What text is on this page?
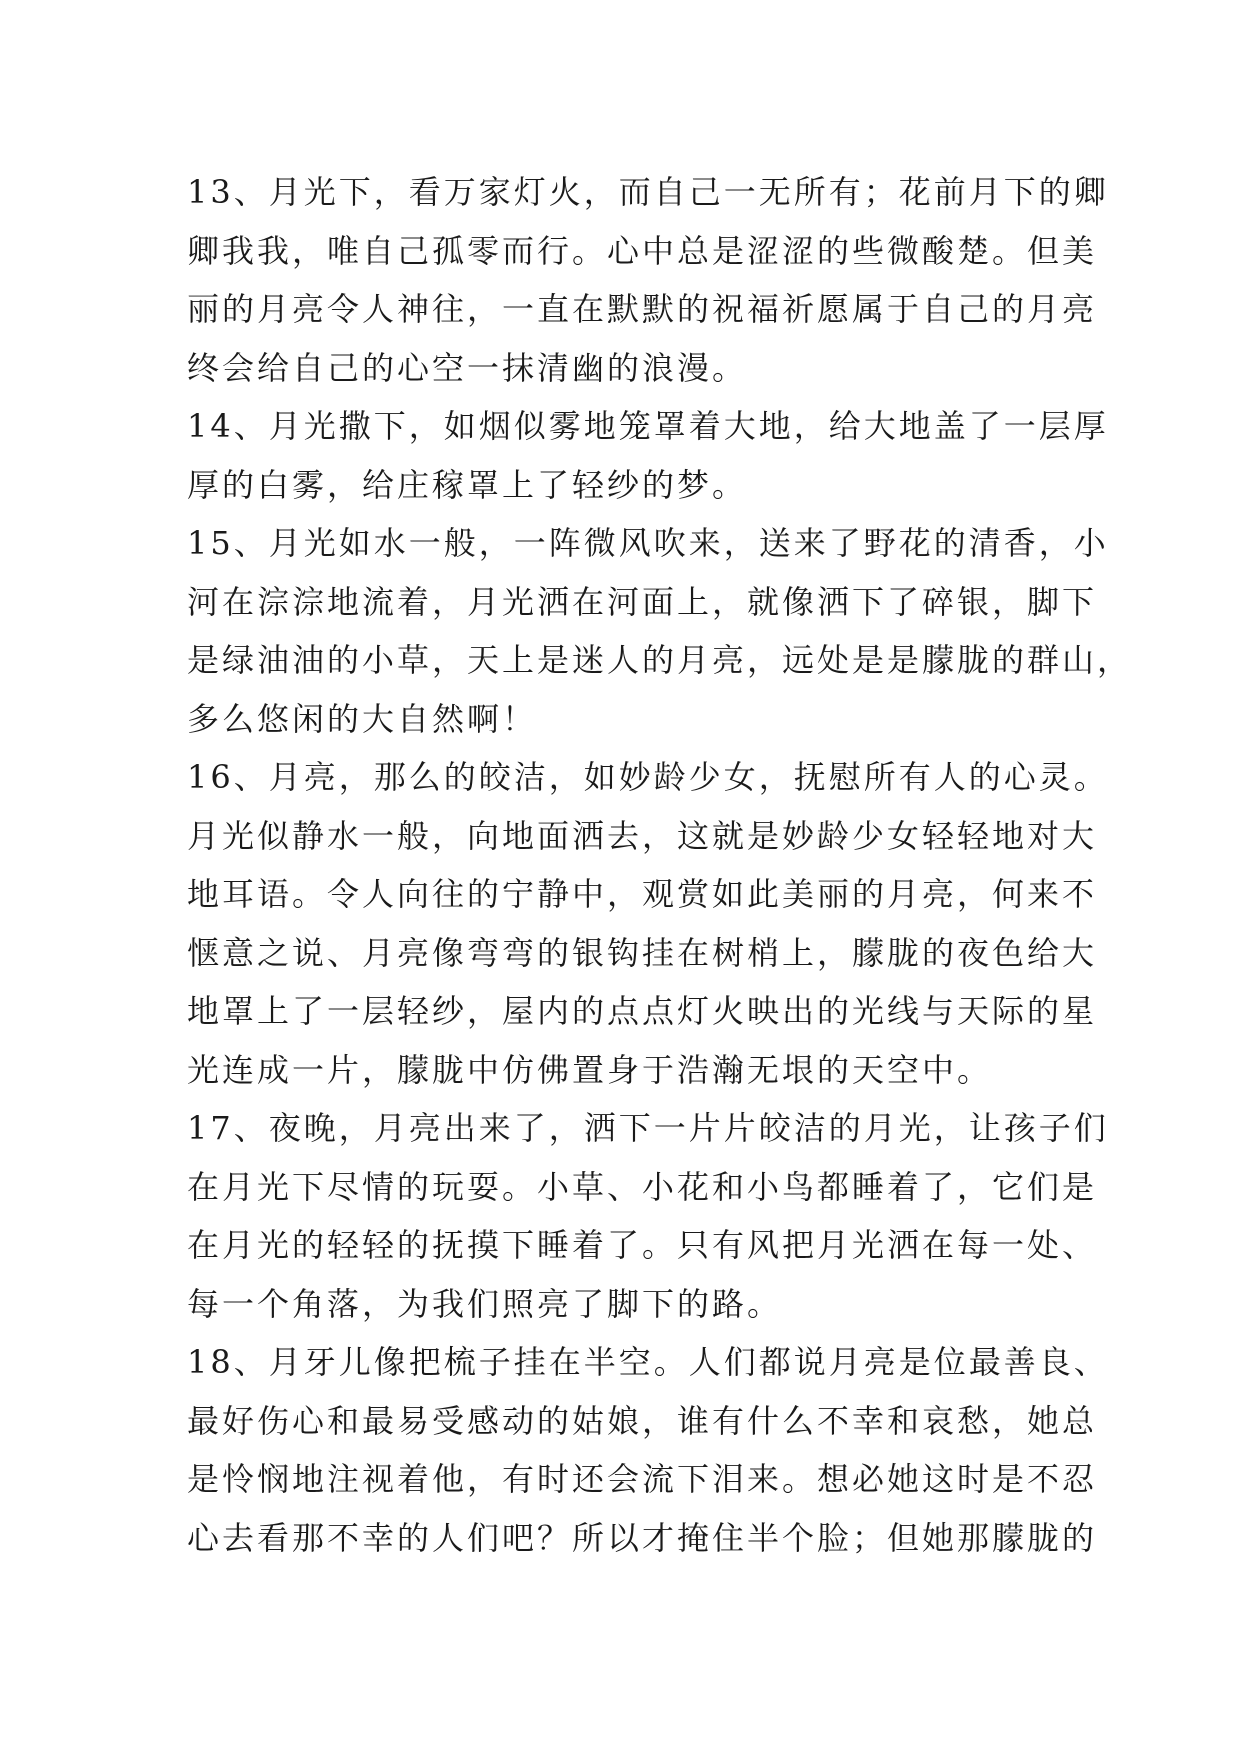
13、月光下，看万家灯火，而自己一无所有；花前月下的卿
卿我我，唯自己孤零而行。心中总是涩涩的些微酸楚。但美
丽的月亮令人神往，一直在默默的祝福祈愿属于自己的月亮
终会给自己的心空一抹清幽的浪漫。
14、月光撒下，如烟似雾地笼罩着大地，给大地盖了一层厚
厚的白雾，给庄稼罩上了轻纱的梦。
15、月光如水一般，一阵微风吹来，送来了野花的清香，小
河在淙淙地流着，月光洒在河面上，就像洒下了碎银，脚下
是绿油油的小草，天上是迷人的月亮，远处是是朦胧的群山，
多么悠闲的大自然啊！
16、月亮，那么的皎洁，如妙龄少女，抚慰所有人的心灵。
月光似静水一般，向地面洒去，这就是妙龄少女轻轻地对大
地耳语。令人向往的宁静中，观赏如此美丽的月亮，何来不
惬意之说、月亮像弯弯的银钩挂在树梢上，朦胧的夜色给大
地罩上了一层轻纱，屋内的点点灯火映出的光线与天际的星
光连成一片，朦胧中仿佛置身于浩瀚无垠的天空中。
17、夜晚，月亮出来了，洒下一片片皎洁的月光，让孩子们
在月光下尽情的玩耍。小草、小花和小鸟都睡着了，它们是
在月光的轻轻的抚摸下睡着了。只有风把月光洒在每一处、
每一个角落，为我们照亮了脚下的路。
18、月牙儿像把梳子挂在半空。人们都说月亮是位最善良、
最好伤心和最易受感动的姑娘，谁有什么不幸和哀愁，她总
是怜悯地注视着他，有时还会流下泪来。想必她这时是不忍
心去看那不幸的人们吧？所以才掩住半个脸；但她那朦胧的
